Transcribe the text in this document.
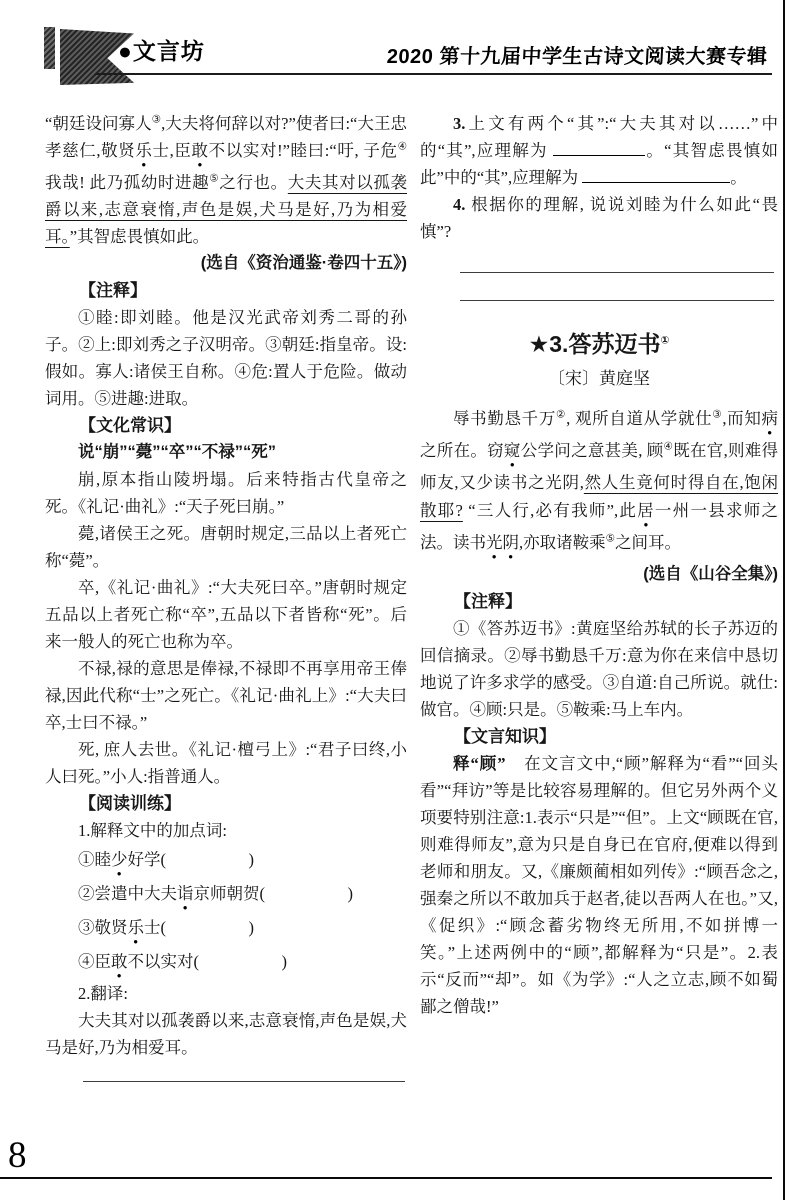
●文言坊	2020 第十九届中学生古诗文阅读大赛专辑

“朝廷设问寡人③,大夫将何辞以对?”使者曰:“大王忠孝慈仁,敬贤乐士,臣敢不以实对!”睦曰:“吁, 子危④我哉! 此乃孤幼时进趣⑤之行也。大夫其对以孤袭爵以来,志意衰惰,声色是娱,犬马是好,乃为相爱耳。”其智虑畏慎如此。

(选自《资治通鉴·卷四十五》)

【注释】

①睦:即刘睦。他是汉光武帝刘秀二哥的孙子。②上:即刘秀之子汉明帝。③朝廷:指皇帝。设:假如。寡人:诸侯王自称。④危:置人于危险。做动词用。⑤进趣:进取。

【文化常识】

说“崩”“薨”“卒”“不禄”“死”

崩,原本指山陵坍塌。后来特指古代皇帝之死。《礼记·曲礼》:“天子死曰崩。”

薨,诸侯王之死。唐朝时规定,三品以上者死亡称“薨”。

卒,《礼记·曲礼》:“大夫死曰卒。”唐朝时规定五品以上者死亡称“卒”,五品以下者皆称“死”。后来一般人的死亡也称为卒。

不禄,禄的意思是俸禄,不禄即不再享用帝王俸禄,因此代称“士”之死亡。《礼记·曲礼上》:“大夫曰卒,士曰不禄。”

死, 庶人去世。《礼记·檀弓上》:“君子曰终,小人曰死。”小人:指普通人。

【阅读训练】

1.解释文中的加点词:

①睦少好学(　　　　　	)

②尝遣中大夫诣京师朝贺(　　　　　	)

③敬贤乐士(　　　　　	)

④臣敢不以实对(　　　　　	)

2.翻译:

大夫其对以孤袭爵以来,志意衰惰,声色是娱,犬马是好,乃为相爱耳。

3.上文有两个“其”:“大夫其对以……”中的“其”,应理解为	。“其智虑畏慎如此”中的“其”,应理解为	。

4. 根据你的理解, 说说刘睦为什么如此“畏慎”?

★3.答苏迈书①

〔宋〕黄庭坚

辱书勤恳千万②, 观所自道从学就仕③,而知病之所在。窃窥公学问之意甚美, 顾④既在官,则难得师友,又少读书之光阴,然人生竟何时得自在,饱闲散耶? “三人行,必有我师”,此居一州一县求师之法。读书光阴,亦取诸鞍乘⑤之间耳。

(选自《山谷全集》)

【注释】

①《答苏迈书》:黄庭坚给苏轼的长子苏迈的回信摘录。②辱书勤恳千万:意为你在来信中恳切地说了许多求学的感受。③自道:自己所说。就仕:做官。④顾:只是。⑤鞍乘:马上车内。

【文言知识】

释“顾”　在文言文中,“顾”解释为“看”“回头看”“拜访”等是比较容易理解的。但它另外两个义项要特别注意:1.表示“只是”“但”。上文“顾既在官,则难得师友”,意为只是自身已在官府,便难以得到老师和朋友。又,《廉颇蔺相如列传》:“顾吾念之, 强秦之所以不敢加兵于赵者,徒以吾两人在也。”又,《促织》:“顾念蓄劣物终无所用,不如拼博一笑。”上述两例中的“顾”,都解释为“只是”。2.表示“反而”“却”。如《为学》:“人之立志,顾不如蜀鄙之僧哉!”

8
